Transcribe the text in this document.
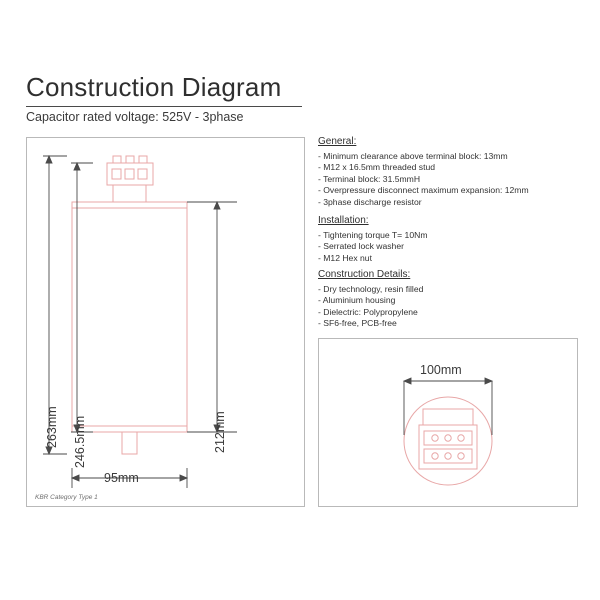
Construction Diagram
Capacitor rated voltage: 525V - 3phase
263mm 246.5mm	212mm
95mm
KBR Category Type 1
100mm
General:
- Minimum clearance above terminal block: 13mm
- M12 x 16.5mm threaded stud
- Terminal block: 31.5mmH
- Overpressure disconnect maximum expansion: 12mm
- 3phase discharge resistor
Installation:
- Tightening torque T= 10Nm
- Serrated lock washer
- M12 Hex nut
Construction Details:
- Dry technology, resin filled
- Aluminium housing
- Dielectric: Polypropylene
- SF6-free, PCB-free
